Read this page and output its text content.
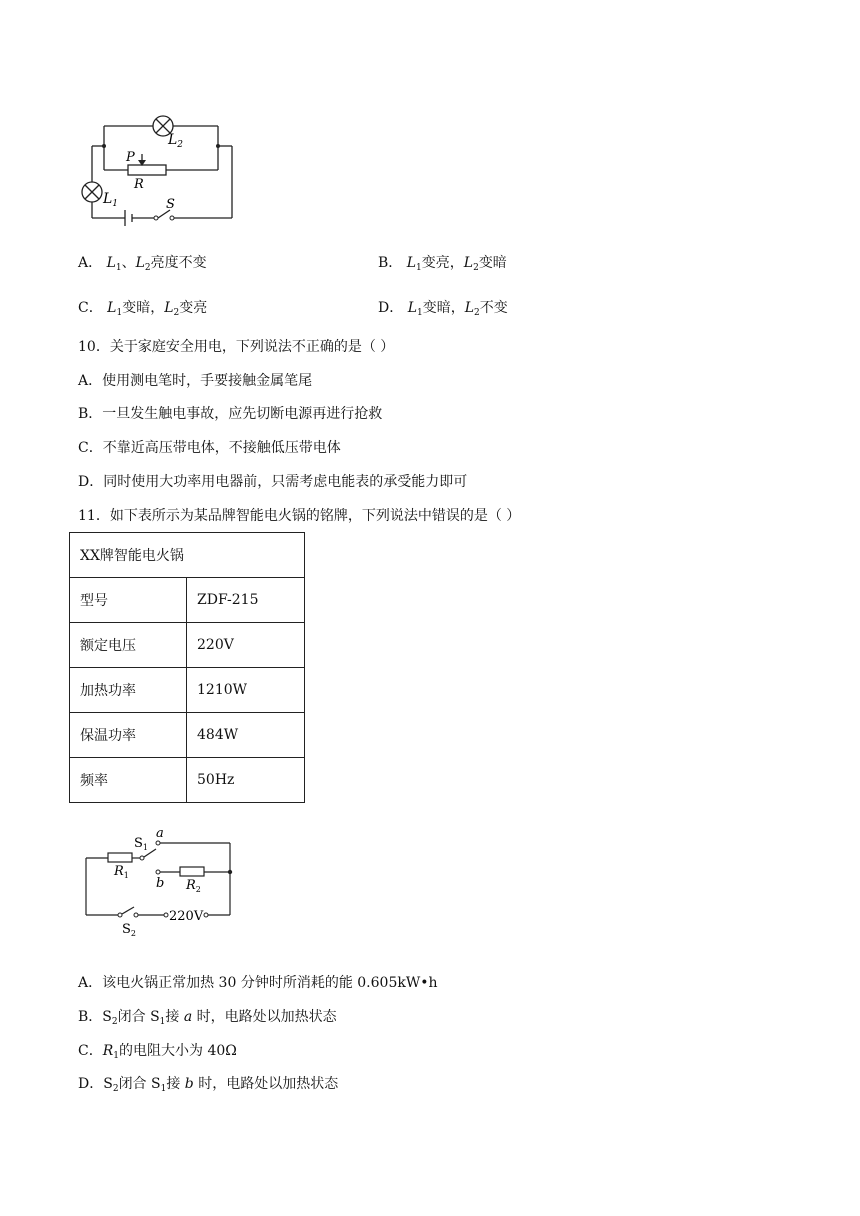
$L_2$
P
R
$L_1$	S
A． $L_1$、$L_2$亮度不变	B． $L_1$变亮，$L_2$变暗
C． $L_1$变暗，$L_2$变亮	D． $L_1$变暗，$L_2$不变
10．关于家庭安全用电，下列说法不正确的是（ ）
A．使用测电笔时，手要接触金属笔尾
B．一旦发生触电事故，应先切断电源再进行抢救
C．不靠近高压带电体，不接触低压带电体
D．同时使用大功率用电器前，只需考虑电能表的承受能力即可
11．如下表所示为某品牌智能电火锅的铭牌，下列说法中错误的是（ ）
XX牌智能电火锅	
型号	ZDF-215
额定电压	220V
加热功率	1210W
保温功率	484W
频率	50Hz
$S_1$
a
$R_1$
b $R_2$
$S_2$
220V
A．该电火锅正常加热 30 分钟时所消耗的能 0.605kW•h
B．$S_2$闭合 $S_1$接 a 时，电路处以加热状态
C．$R_1$的电阻大小为 40Ω
D．$S_2$闭合 $S_1$接 b 时，电路处以加热状态
